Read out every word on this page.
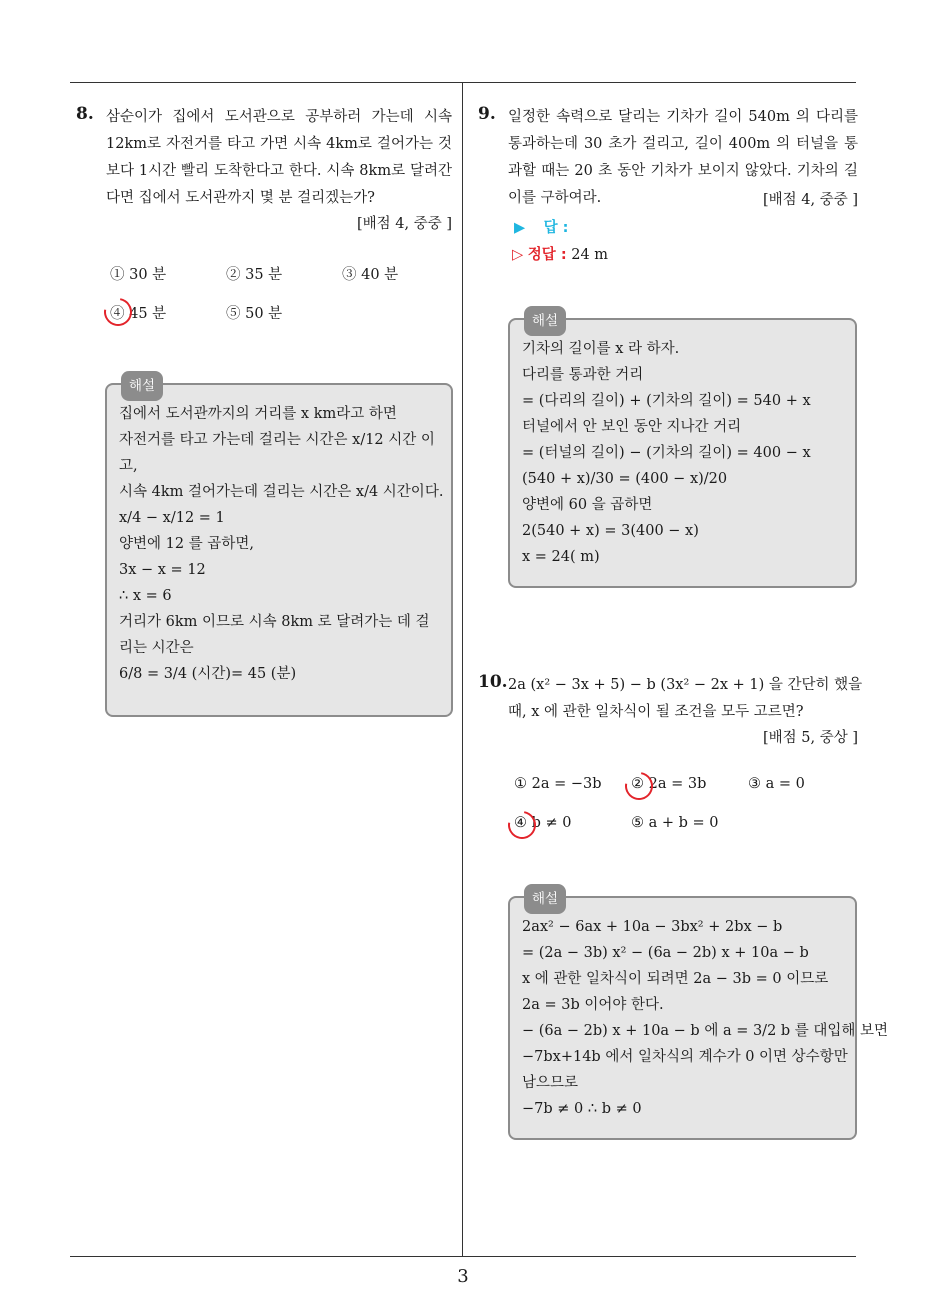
8. 삼순이가 집에서 도서관으로 공부하러 가는데 시속 12km로 자전거를 타고 가면 시속 4km로 걸어가는 것보다 1시간 빨리 도착한다고 한다. 시속 8km로 달려간다면 집에서 도서관까지 몇 분 걸리겠는가?
[배점 4, 중중 ]
① 30 분	② 35 분	③ 40 분
④ 45 분	⑤ 50 분
해설
집에서 도서관까지의 거리를 x km라고 하면
자전거를 타고 가는데 걸리는 시간은 x/12 시간 이
고,
시속 4km 걸어가는데 걸리는 시간은 x/4 시간이다.
x/4 − x/12 = 1
양변에 12 를 곱하면,
3x − x = 12
∴ x = 6
거리가 6km 이므로 시속 8km 로 달려가는 데 걸
리는 시간은
6/8 = 3/4 (시간)= 45 (분)
9. 일정한 속력으로 달리는 기차가 길이 540m 의 다리를 통과하는데 30 초가 걸리고, 길이 400m 의 터널을 통과할 때는 20 초 동안 기차가 보이지 않았다. 기차의 길이를 구하여라.	[배점 4, 중중 ]
▶ 답 :
▷ 정답 : 24 m
해설
기차의 길이를 x 라 하자.
다리를 통과한 거리
= (다리의 길이) + (기차의 길이) = 540 + x
터널에서 안 보인 동안 지나간 거리
= (터널의 길이) − (기차의 길이) = 400 − x
(540 + x)/30 = (400 − x)/20
양변에 60 을 곱하면
2(540 + x) = 3(400 − x)
x = 24( m)
10. 2a (x² − 3x + 5) − b (3x² − 2x + 1) 을 간단히 했을
때, x 에 관한 일차식이 될 조건을 모두 고르면?
[배점 5, 중상 ]
① 2a = −3b ② 2a = 3b	③ a = 0
④ b ≠ 0	⑤ a + b = 0
해설
2ax² − 6ax + 10a − 3bx² + 2bx − b
= (2a − 3b) x² − (6a − 2b) x + 10a − b
x 에 관한 일차식이 되려면 2a − 3b = 0 이므로
2a = 3b 이어야 한다.
− (6a − 2b) x + 10a − b 에 a = 3/2 b 를 대입해 보면
−7bx+14b 에서 일차식의 계수가 0 이면 상수항만
남으므로
−7b ≠ 0 ∴ b ≠ 0
3
